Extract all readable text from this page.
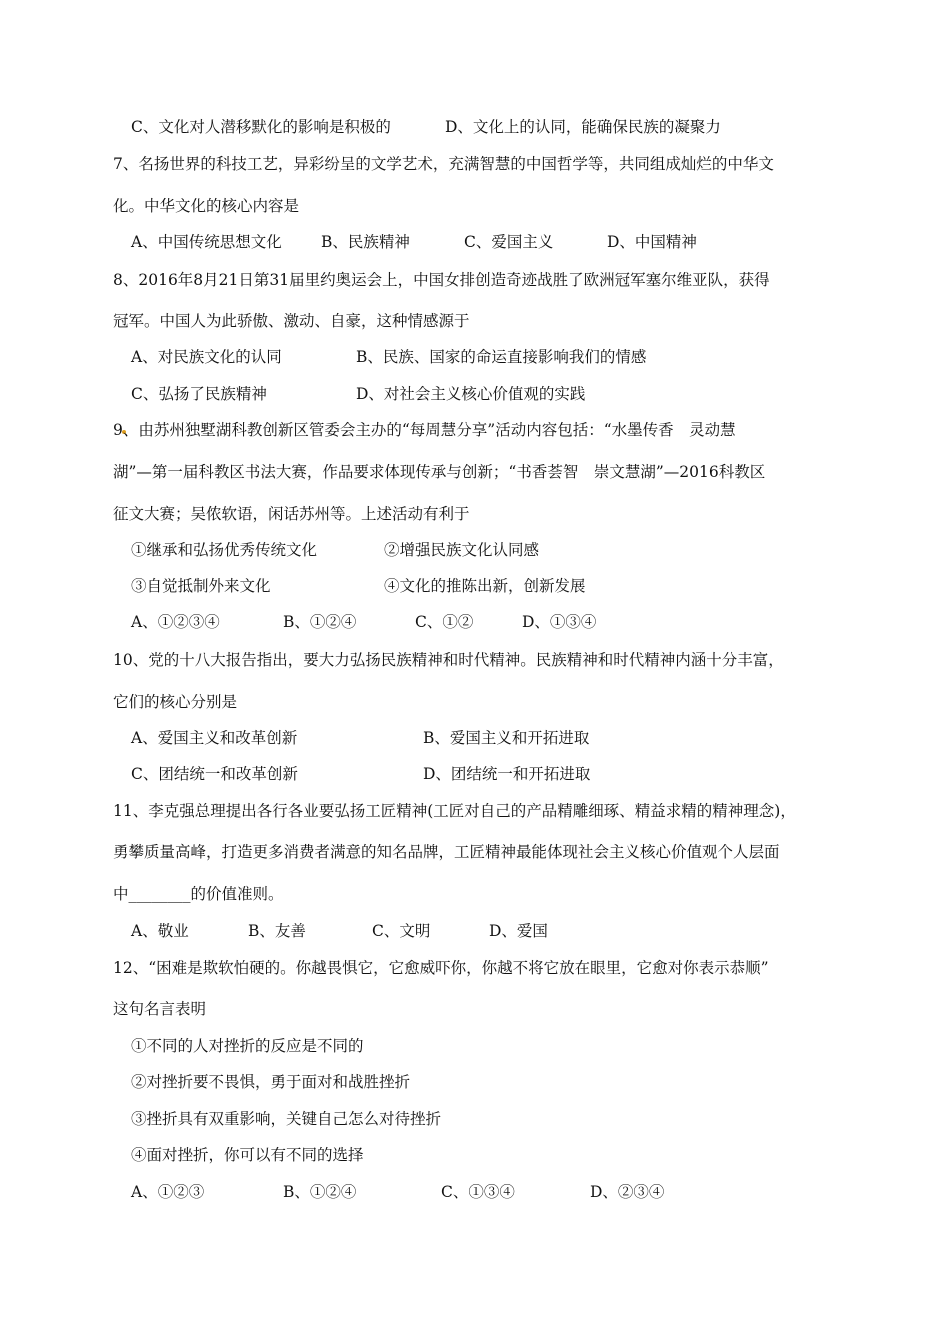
C、文化对人潜移默化的影响是积极的

	D、文化上的认同，能确保民族的凝聚力

7、名扬世界的科技工艺，异彩纷呈的文学艺术，充满智慧的中国哲学等，共同组成灿烂的中华文

化。中华文化的核心内容是

A、中国传统思想文化

	B、民族精神

	C、爱国主义

	D、中国精神

8、2016年8月21日第31届里约奥运会上，中国女排创造奇迹战胜了欧洲冠军塞尔维亚队，获得

冠军。中国人为此骄傲、激动、自豪，这种情感源于

A、对民族文化的认同

	B、民族、国家的命运直接影响我们的情感

C、弘扬了民族精神

	D、对社会主义核心价值观的实践

9、由苏州独墅湖科教创新区管委会主办的“每周慧分享”活动内容包括：“水墨传香　灵动慧

湖”—第一届科教区书法大赛，作品要求体现传承与创新；“书香荟智　崇文慧湖”—2016科教区

征文大赛；吴侬软语，闲话苏州等。上述活动有利于

①继承和弘扬优秀传统文化

	②增强民族文化认同感

③自觉抵制外来文化

	④文化的推陈出新，创新发展

A、①②③④

	B、①②④

	C、①②

	D、①③④

10、党的十八大报告指出，要大力弘扬民族精神和时代精神。民族精神和时代精神内涵十分丰富，

它们的核心分别是

A、爱国主义和改革创新

	B、爱国主义和开拓进取

C、团结统一和改革创新

	D、团结统一和开拓进取

11、李克强总理提出各行各业要弘扬工匠精神(工匠对自己的产品精雕细琢、精益求精的精神理念)，

勇攀质量高峰，打造更多消费者满意的知名品牌，工匠精神最能体现社会主义核心价值观个人层面

中________的价值准则。

A、敬业

	B、友善

	C、文明

	D、爱国

12、“困难是欺软怕硬的。你越畏惧它，它愈威吓你，你越不将它放在眼里，它愈对你表示恭顺”

这句名言表明

①不同的人对挫折的反应是不同的

②对挫折要不畏惧，勇于面对和战胜挫折

③挫折具有双重影响，关键自己怎么对待挫折

④面对挫折，你可以有不同的选择

A、①②③

	B、①②④

	C、①③④

	D、②③④
